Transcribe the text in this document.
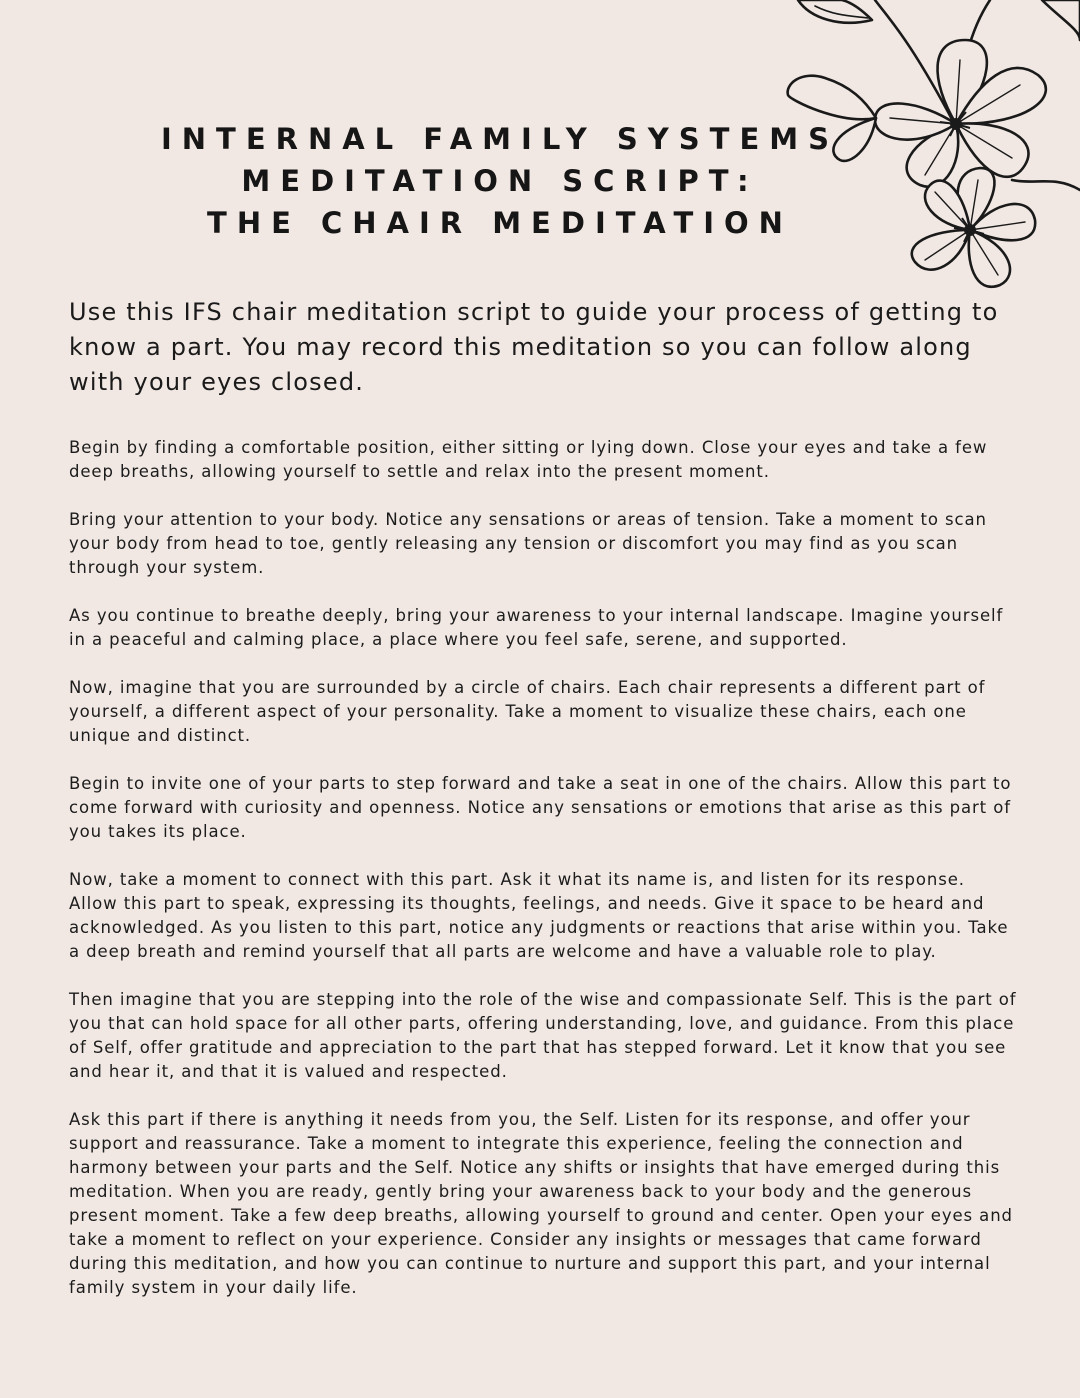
INTERNAL FAMILY SYSTEMS
MEDITATION SCRIPT:
THE CHAIR MEDITATION

Use this IFS chair meditation script to guide your process of getting to know a part. You may record this meditation so you can follow along with your eyes closed.

Begin by finding a comfortable position, either sitting or lying down. Close your eyes and take a few deep breaths, allowing yourself to settle and relax into the present moment.

Bring your attention to your body. Notice any sensations or areas of tension. Take a moment to scan your body from head to toe, gently releasing any tension or discomfort you may find as you scan through your system.

As you continue to breathe deeply, bring your awareness to your internal landscape. Imagine yourself in a peaceful and calming place, a place where you feel safe, serene, and supported.

Now, imagine that you are surrounded by a circle of chairs. Each chair represents a different part of yourself, a different aspect of your personality. Take a moment to visualize these chairs, each one unique and distinct.

Begin to invite one of your parts to step forward and take a seat in one of the chairs. Allow this part to come forward with curiosity and openness. Notice any sensations or emotions that arise as this part of you takes its place.

Now, take a moment to connect with this part. Ask it what its name is, and listen for its response. Allow this part to speak, expressing its thoughts, feelings, and needs. Give it space to be heard and acknowledged. As you listen to this part, notice any judgments or reactions that arise within you. Take a deep breath and remind yourself that all parts are welcome and have a valuable role to play.

Then imagine that you are stepping into the role of the wise and compassionate Self. This is the part of you that can hold space for all other parts, offering understanding, love, and guidance. From this place of Self, offer gratitude and appreciation to the part that has stepped forward. Let it know that you see and hear it, and that it is valued and respected.

Ask this part if there is anything it needs from you, the Self. Listen for its response, and offer your support and reassurance. Take a moment to integrate this experience, feeling the connection and harmony between your parts and the Self. Notice any shifts or insights that have emerged during this meditation. When you are ready, gently bring your awareness back to your body and the generous present moment. Take a few deep breaths, allowing yourself to ground and center. Open your eyes and take a moment to reflect on your experience. Consider any insights or messages that came forward during this meditation, and how you can continue to nurture and support this part, and your internal family system in your daily life.
